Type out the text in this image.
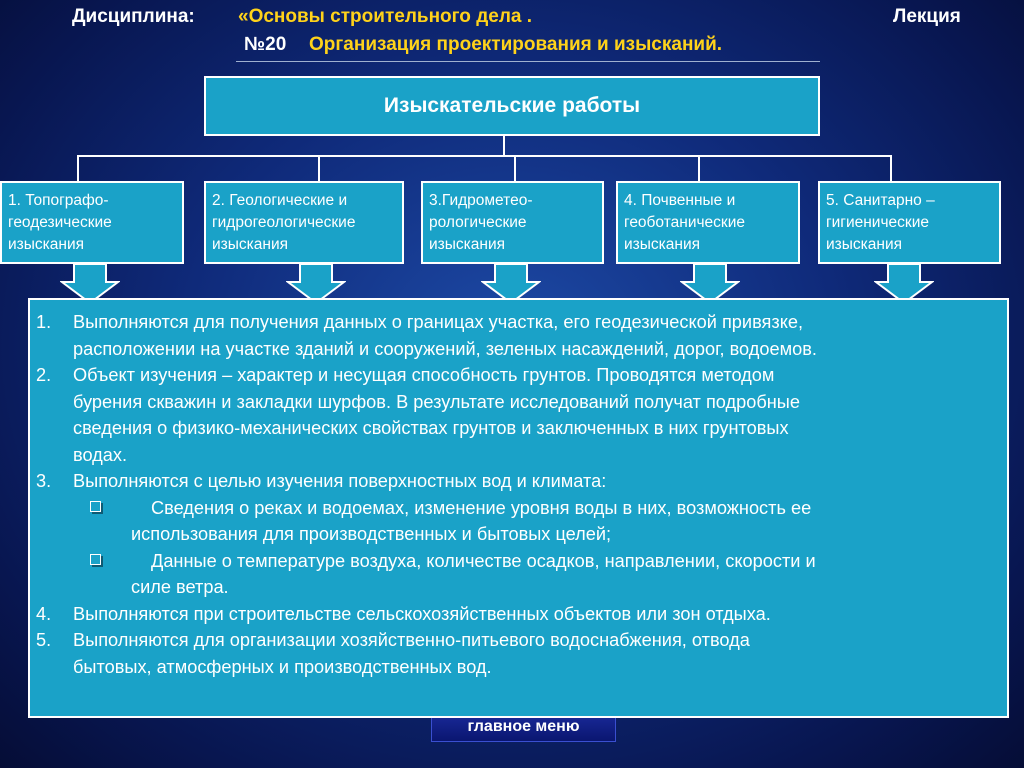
Дисциплина: «Основы строительного дела .	Лекция
№20 Организация проектирования и изысканий.
Изыскательские работы
1. Топографо-
геодезические
изыскания
2. Геологические и
гидрогеологические
изыскания
3.Гидрометео-
рологические
изыскания
4. Почвенные и
геоботанические
изыскания
5. Санитарно –
гигиенические
изыскания
главное меню
1.	Выполняются для получения данных о границах участка, его геодезической привязке,
расположении на участке зданий и сооружений, зеленых насаждений, дорог, водоемов.
2.	Объект изучения – характер и несущая способность грунтов. Проводятся методом
бурения скважин и закладки шурфов. В результате исследований получат подробные
сведения о физико-механических свойствах грунтов и заключенных в них грунтовых
водах.
3.	Выполняются с целью изучения поверхностных вод и климата:
Сведения о реках и водоемах, изменение уровня воды в них, возможность ее
использования для производственных и бытовых целей;
Данные о температуре воздуха, количестве осадков, направлении, скорости и
силе ветра.
4.	Выполняются при строительстве сельскохозяйственных объектов или зон отдыха.
5.	Выполняются для организации хозяйственно-питьевого водоснабжения, отвода
бытовых, атмосферных и производственных вод.
